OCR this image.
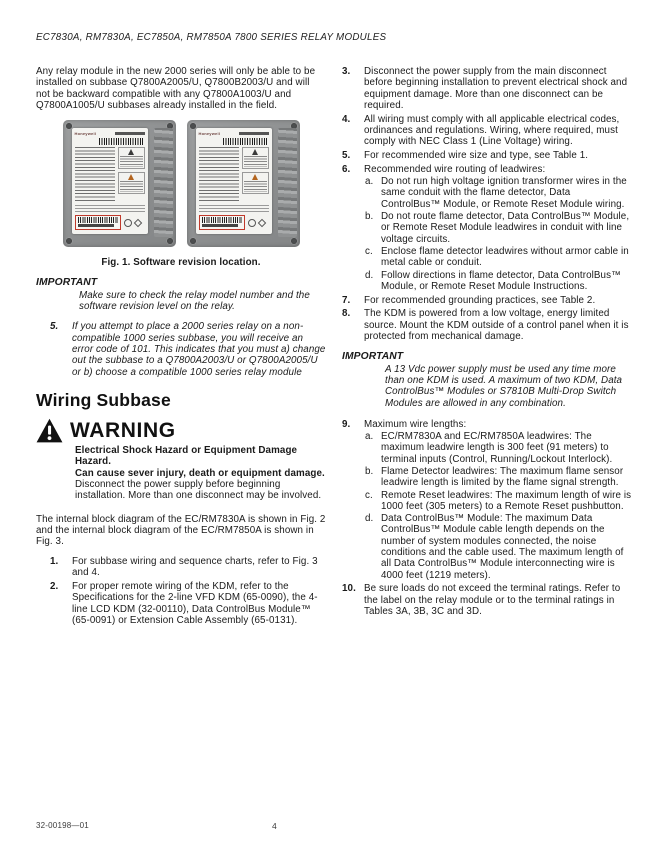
EC7830A, RM7830A, EC7850A, RM7850A 7800 SERIES RELAY MODULES

Any relay module in the new 2000 series will only be able to be installed on subbase Q7800A2005/U, Q7800B2003/U and will not be backward compatible with any Q7800A1003/U and Q7800A1005/U subbases already installed in the field.

Honeywell	Honeywell
Fig. 1. Software revision location.
IMPORTANT
Make sure to check the relay model number and the software revision level on the relay.
5. If you attempt to place a 2000 series relay on a non-compatible 1000 series subbase, you will receive an error code of 101. This indicates that you must a) change out the subbase to a Q7800A2003/U or Q7800A2005/U or b) choose a compatible 1000 series relay module
Wiring Subbase
WARNING

Electrical Shock Hazard or Equipment Damage Hazard.

Can cause sever injury, death or equipment damage.

Disconnect the power supply before beginning installation. More than one disconnect may be involved.

The internal block diagram of the EC/RM7830A is shown in Fig. 2 and the internal block diagram of the EC/RM7850A is shown in Fig. 3.

1. For subbase wiring and sequence charts, refer to Fig. 3 and 4.
2. For proper remote wiring of the KDM, refer to the Specifications for the 2-line VFD KDM (65-0090), the 4-line LCD KDM (32-00110), Data ControlBus Module™ (65-0091) or Extension Cable Assembly (65-0131).
3. Disconnect the power supply from the main disconnect before beginning installation to prevent electrical shock and equipment damage. More than one disconnect can be required.
4. All wiring must comply with all applicable electrical codes, ordinances and regulations. Wiring, where required, must comply with NEC Class 1 (Line Voltage) wiring.
5. For recommended wire size and type, see Table 1.
6. Recommended wire routing of leadwires:
a. Do not run high voltage ignition transformer wires in the same conduit with the flame detector, Data ControlBus™ Module, or Remote Reset Module wiring.
b. Do not route flame detector, Data ControlBus™ Module, or Remote Reset Module leadwires in conduit with line voltage circuits.
c. Enclose flame detector leadwires without armor cable in metal cable or conduit.
d. Follow directions in flame detector, Data ControlBus™ Module, or Remote Reset Module Instructions.
7. For recommended grounding practices, see Table 2.
8. The KDM is powered from a low voltage, energy limited source. Mount the KDM outside of a control panel when it is protected from mechanical damage.
IMPORTANT
A 13 Vdc power supply must be used any time more than one KDM is used. A maximum of two KDM, Data ControlBus™ Modules or S7810B Multi-Drop Switch Modules are allowed in any combination.
9. Maximum wire lengths:
a. EC/RM7830A and EC/RM7850A leadwires: The maximum leadwire length is 300 feet (91 meters) to terminal inputs (Control, Running/Lockout Interlock).
b. Flame Detector leadwires: The maximum flame sensor leadwire length is limited by the flame signal strength.
c. Remote Reset leadwires: The maximum length of wire is 1000 feet (305 meters) to a Remote Reset pushbutton.
d. Data ControlBus™ Module: The maximum Data ControlBus™ Module cable length depends on the number of system modules connected, the noise conditions and the cable used. The maximum length of all Data ControlBus™ Module interconnecting wire is 4000 feet (1219 meters).
10. Be sure loads do not exceed the terminal ratings. Refer to the label on the relay module or to the terminal ratings in Tables 3A, 3B, 3C and 3D.
32-00198—01	4
